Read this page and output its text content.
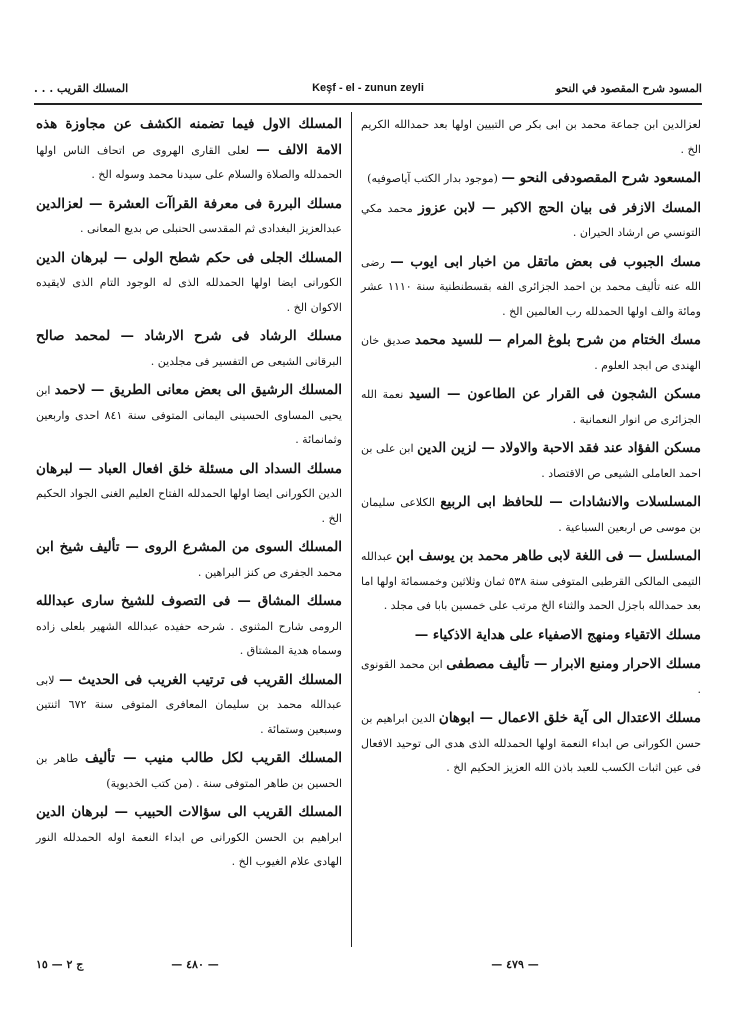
المسود شرح المقصود في النحو
Keşf - el - zunun zeyli
المسلك القريب . . .

لعزالدين ابن جماعة محمد بن ابى بكر ص التبيين اولها بعد حمدالله الكريم الخ .

المسعود شرح المقصودفى النحو — (موجود بدار الكتب آياصوفيه)

المسك الازفر فى بيان الحج الاكبر — لابن عزوز محمد مكي التونسي ص ارشاد الحيران .

مسك الجبوب فى بعض ماتقل من اخبار ابى ايوب — رضى الله عنه تأليف محمد بن احمد الجزائرى الفه بقسطنطنية سنة ١١١٠ عشر ومائة والف اولها الحمدلله رب العالمين الخ .

مسك الختام من شرح بلوغ المرام — للسيد محمد صديق خان الهندى ص ابجد العلوم .

مسكن الشجون فى القرار عن الطاعون — السيد نعمة الله الجزائرى ص انوار النعمانية .

مسكن الفؤاد عند فقد الاحبة والاولاد — لزين الدين ابن على بن احمد العاملى الشيعى ص الاقتصاد .

المسلسلات والانشادات — للحافظ ابى الربيع الكلاعى سليمان بن موسى ص اربعين السباعية .

المسلسل — فى اللغة لابى طاهر محمد بن يوسف ابن عبدالله التيمى المالكى القرطبى المتوفى سنة ٥٣٨ ثمان وثلاثين وخمسمائة اولها اما بعد حمدالله باجزل الحمد والثناء الخ مرتب على خمسين بابا فى مجلد .

مسلك الاتقياء ومنهج الاصفياء على هداية الاذكياء —

مسلك الاحرار ومنبع الابرار — تأليف مصطفى ابن محمد القونوى .

مسلك الاعتدال الى آية خلق الاعمال — ابوهان الدين ابراهيم بن حسن الكورانى ص ابداء النعمة اولها الحمدلله الذى هدى الى توحيد الافعال فى عين اثبات الكسب للعبد باذن الله العزيز الحكيم الخ .

المسلك الاول فيما تضمنه الكشف عن مجاوزة هذه الامة الالف — لعلى القارى الهروى ص اتحاف الناس اولها الحمدلله والصلاة والسلام على سيدنا محمد وسوله الخ .

مسلك البررة فى معرفة القراآت العشرة — لعزالدين عبدالعزيز البغدادى ثم المقدسى الحنبلى ص بديع المعانى .

المسلك الجلى فى حكم شطح الولى — لبرهان الدين الكورانى ايضا اولها الحمدلله الذى له الوجود التام الذى لايقيده الاكوان الخ .

مسلك الرشاد فى شرح الارشاد — لمحمد صالح البرقانى الشيعى ص التفسير فى مجلدين .

المسلك الرشيق الى بعض معانى الطريق — لاحمد ابن يحيى المساوى الحسينى اليمانى المتوفى سنة ٨٤١ احدى واربعين وثمانمائة .

مسلك السداد الى مسئلة خلق افعال العباد — لبرهان الدين الكورانى ايضا اولها الحمدلله الفتاح العليم الغنى الجواد الحكيم الخ .

المسلك السوى من المشرع الروى — تأليف شيخ ابن محمد الجفرى ص كنز البراهين .

مسلك المشاق — فى التصوف للشيخ سارى عبدالله الرومى شارح المثنوى . شرحه حفيده عبدالله الشهير بلعلى زاده وسماه هدية المشتاق .

المسلك القريب فى ترتيب الغريب فى الحديث — لابى عبدالله محمد بن سليمان المعافرى المتوفى سنة ٦٧٢ اثنتين وسبعين وستمائة .

المسلك القريب لكل طالب منيب — تأليف طاهر بن الحسين بن طاهر المتوفى سنة . (من كتب الخديوية)

المسلك القريب الى سؤالات الحبيب — لبرهان الدين ابراهيم بن الحسن الكورانى ص ابداء النعمة اوله الحمدلله النور الهادى علام الغيوب الخ .

— ٤٧٩ —
— ٤٨٠ —
ج ٢ — ١٥
